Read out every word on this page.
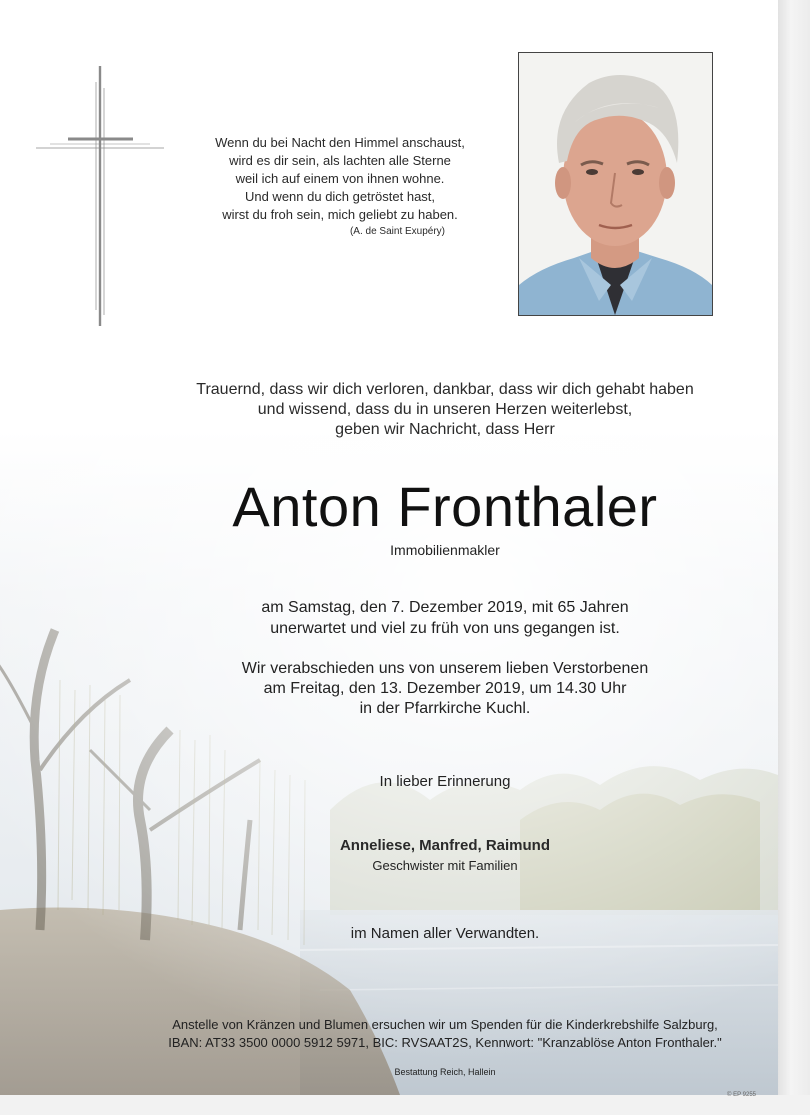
Wenn du bei Nacht den Himmel anschaust,
wird es dir sein, als lachten alle Sterne
weil ich auf einem von ihnen wohne.
Und wenn du dich getröstet hast,
wirst du froh sein, mich geliebt zu haben.
(A. de Saint Exupéry)
Trauernd, dass wir dich verloren, dankbar, dass wir dich gehabt haben
und wissend, dass du in unseren Herzen weiterlebst,
geben wir Nachricht, dass Herr
Anton Fronthaler
Immobilienmakler
am Samstag, den 7. Dezember 2019, mit 65 Jahren
unerwartet und viel zu früh von uns gegangen ist.
Wir verabschieden uns von unserem lieben Verstorbenen
am Freitag, den 13. Dezember 2019, um 14.30 Uhr
in der Pfarrkirche Kuchl.
In lieber Erinnerung
Anneliese, Manfred, Raimund
Geschwister mit Familien
im Namen aller Verwandten.
Anstelle von Kränzen und Blumen ersuchen wir um Spenden für die Kinderkrebshilfe Salzburg,
IBAN: AT33 3500 0000 5912 5971, BIC: RVSAAT2S, Kennwort: "Kranzablöse Anton Fronthaler."
Bestattung Reich, Hallein
© EP 9255
